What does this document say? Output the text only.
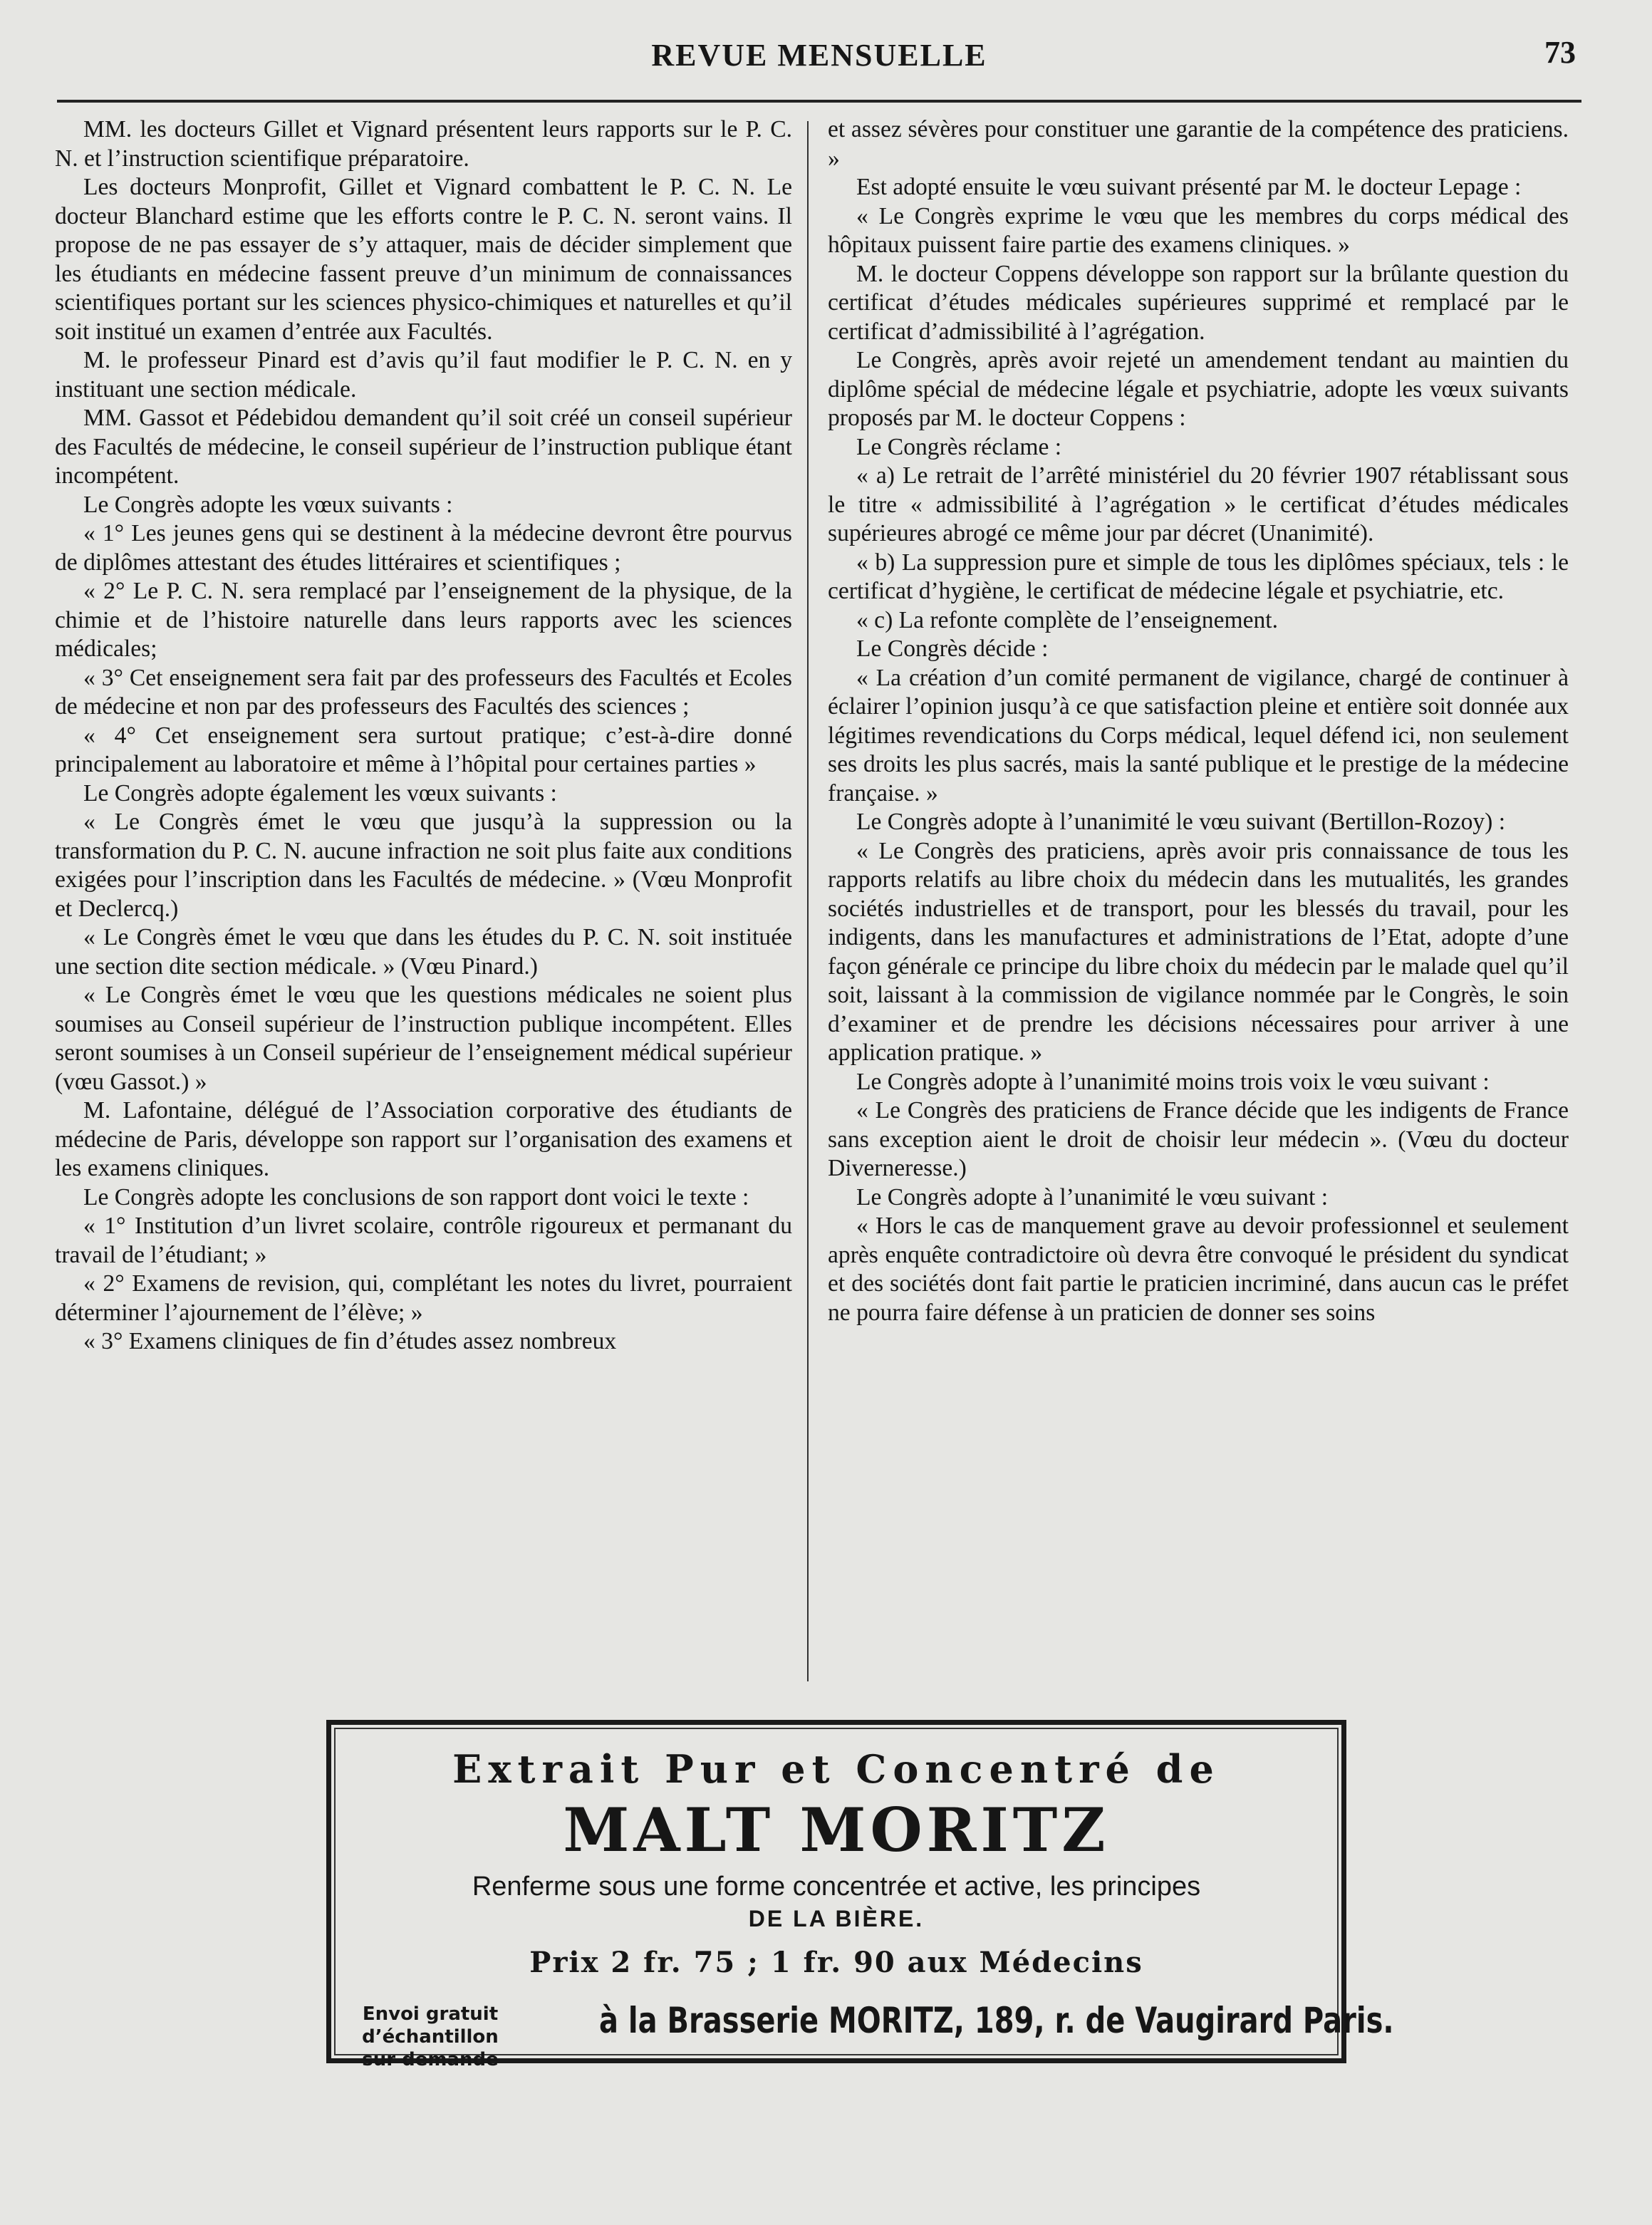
REVUE MENSUELLE	73

MM. les docteurs Gillet et Vignard présentent leurs rapports sur le P. C. N. et l’instruction scientifique préparatoire.

Les docteurs Monprofit, Gillet et Vignard combattent le P. C. N. Le docteur Blanchard estime que les efforts contre le P. C. N. seront vains. Il propose de ne pas essayer de s’y attaquer, mais de décider simplement que les étudiants en médecine fassent preuve d’un minimum de connaissances scientifiques portant sur les sciences physico-chimiques et naturelles et qu’il soit institué un examen d’entrée aux Facultés.

M. le professeur Pinard est d’avis qu’il faut modifier le P. C. N. en y instituant une section médicale.

MM. Gassot et Pédebidou demandent qu’il soit créé un conseil supérieur des Facultés de médecine, le conseil supérieur de l’instruction publique étant incompétent.

Le Congrès adopte les vœux suivants :

« 1° Les jeunes gens qui se destinent à la médecine devront être pourvus de diplômes attestant des études littéraires et scientifiques ;

« 2° Le P. C. N. sera remplacé par l’enseignement de la physique, de la chimie et de l’histoire naturelle dans leurs rapports avec les sciences médicales;

« 3° Cet enseignement sera fait par des professeurs des Facultés et Ecoles de médecine et non par des professeurs des Facultés des sciences ;

« 4° Cet enseignement sera surtout pratique; c’est-à-dire donné principalement au laboratoire et même à l’hôpital pour certaines parties »

Le Congrès adopte également les vœux suivants :

« Le Congrès émet le vœu que jusqu’à la suppression ou la transformation du P. C. N. aucune infraction ne soit plus faite aux conditions exigées pour l’inscription dans les Facultés de médecine. » (Vœu Monprofit et Declercq.)

« Le Congrès émet le vœu que dans les études du P. C. N. soit instituée une section dite section médicale. » (Vœu Pinard.)

« Le Congrès émet le vœu que les questions médicales ne soient plus soumises au Conseil supérieur de l’instruction publique incompétent. Elles seront soumises à un Conseil supérieur de l’enseignement médical supérieur (vœu Gassot.) »

M. Lafontaine, délégué de l’Association corporative des étudiants de médecine de Paris, développe son rapport sur l’organisation des examens et les examens cliniques.

Le Congrès adopte les conclusions de son rapport dont voici le texte :

« 1° Institution d’un livret scolaire, contrôle rigoureux et permanant du travail de l’étudiant; »

« 2° Examens de revision, qui, complétant les notes du livret, pourraient déterminer l’ajournement de l’élève; »

« 3° Examens cliniques de fin d’études assez nombreux

et assez sévères pour constituer une garantie de la compétence des praticiens. »

Est adopté ensuite le vœu suivant présenté par M. le docteur Lepage :

« Le Congrès exprime le vœu que les membres du corps médical des hôpitaux puissent faire partie des examens cliniques. »

M. le docteur Coppens développe son rapport sur la brûlante question du certificat d’études médicales supérieures supprimé et remplacé par le certificat d’admissibilité à l’agrégation.

Le Congrès, après avoir rejeté un amendement tendant au maintien du diplôme spécial de médecine légale et psychiatrie, adopte les vœux suivants proposés par M. le docteur Coppens :

Le Congrès réclame :

« a) Le retrait de l’arrêté ministériel du 20 février 1907 rétablissant sous le titre « admissibilité à l’agrégation » le certificat d’études médicales supérieures abrogé ce même jour par décret (Unanimité).

« b) La suppression pure et simple de tous les diplômes spéciaux, tels : le certificat d’hygiène, le certificat de médecine légale et psychiatrie, etc.

« c) La refonte complète de l’enseignement.

Le Congrès décide :

« La création d’un comité permanent de vigilance, chargé de continuer à éclairer l’opinion jusqu’à ce que satisfaction pleine et entière soit donnée aux légitimes revendications du Corps médical, lequel défend ici, non seulement ses droits les plus sacrés, mais la santé publique et le prestige de la médecine française. »

Le Congrès adopte à l’unanimité le vœu suivant (Bertillon-Rozoy) :

« Le Congrès des praticiens, après avoir pris connaissance de tous les rapports relatifs au libre choix du médecin dans les mutualités, les grandes sociétés industrielles et de transport, pour les blessés du travail, pour les indigents, dans les manufactures et administrations de l’Etat, adopte d’une façon générale ce principe du libre choix du médecin par le malade quel qu’il soit, laissant à la commission de vigilance nommée par le Congrès, le soin d’examiner et de prendre les décisions nécessaires pour arriver à une application pratique. »

Le Congrès adopte à l’unanimité moins trois voix le vœu suivant :

« Le Congrès des praticiens de France décide que les indigents de France sans exception aient le droit de choisir leur médecin ». (Vœu du docteur Diverneresse.)

Le Congrès adopte à l’unanimité le vœu suivant :

« Hors le cas de manquement grave au devoir professionnel et seulement après enquête contradictoire où devra être convoqué le président du syndicat et des sociétés dont fait partie le praticien incriminé, dans aucun cas le préfet ne pourra faire défense à un praticien de donner ses soins

Extrait Pur et Concentré de
MALT MORITZ
Renferme sous une forme concentrée et active, les principes
DE LA BIÈRE.
Prix 2 fr. 75 ; 1 fr. 90 aux Médecins
Envoi gratuit d’échantillon
sur demande
à la Brasserie MORITZ, 189, r. de Vaugirard Paris.
